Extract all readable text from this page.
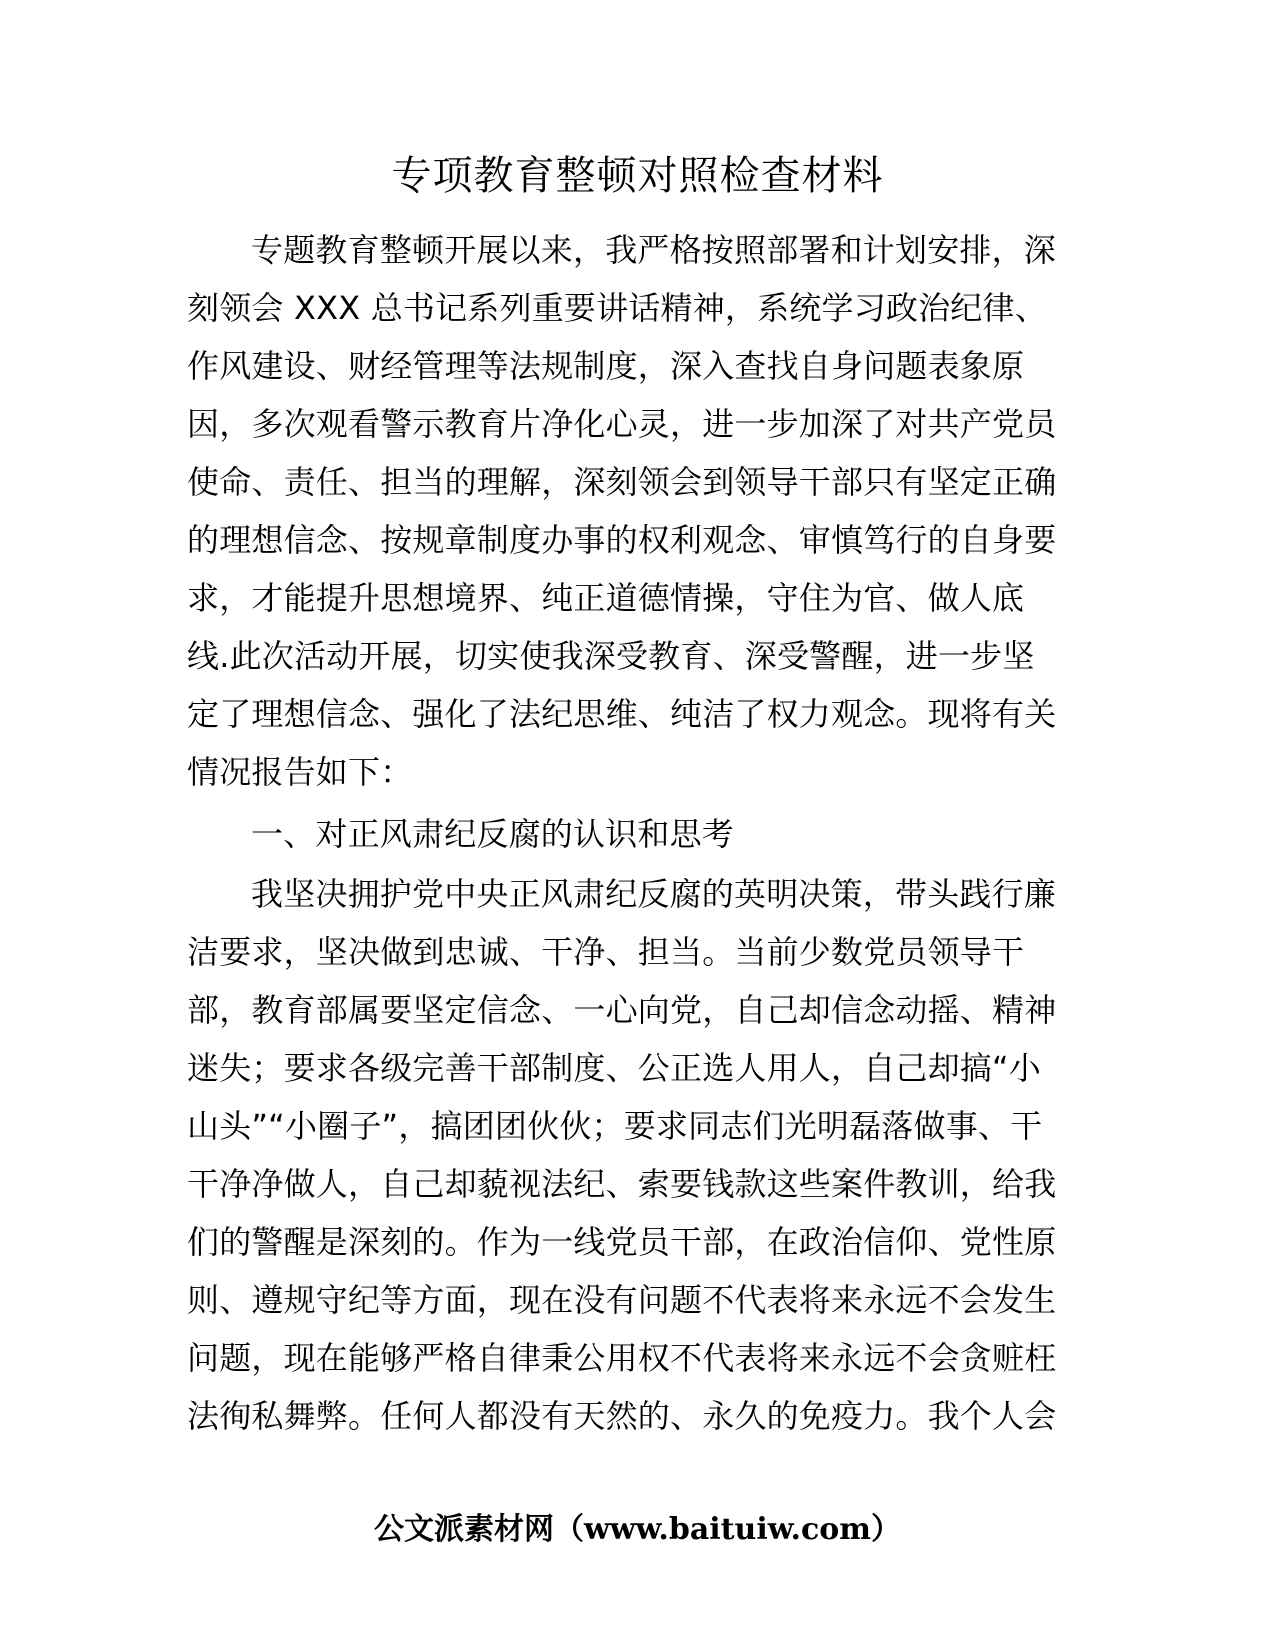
专项教育整顿对照检查材料
专题教育整顿开展以来，我严格按照部署和计划安排，深
刻领会 XXX 总书记系列重要讲话精神，系统学习政治纪律、
作风建设、财经管理等法规制度，深入查找自身问题表象原
因，多次观看警示教育片净化心灵，进一步加深了对共产党员
使命、责任、担当的理解，深刻领会到领导干部只有坚定正确
的理想信念、按规章制度办事的权利观念、审慎笃行的自身要
求，才能提升思想境界、纯正道德情操，守住为官、做人底
线.此次活动开展，切实使我深受教育、深受警醒，进一步坚
定了理想信念、强化了法纪思维、纯洁了权力观念。现将有关
情况报告如下：
一、对正风肃纪反腐的认识和思考
我坚决拥护党中央正风肃纪反腐的英明决策，带头践行廉
洁要求，坚决做到忠诚、干净、担当。当前少数党员领导干
部，教育部属要坚定信念、一心向党，自己却信念动摇、精神
迷失；要求各级完善干部制度、公正选人用人，自己却搞“小
山头”“小圈子”，搞团团伙伙；要求同志们光明磊落做事、干
干净净做人，自己却藐视法纪、索要钱款这些案件教训，给我
们的警醒是深刻的。作为一线党员干部，在政治信仰、党性原
则、遵规守纪等方面，现在没有问题不代表将来永远不会发生
问题，现在能够严格自律秉公用权不代表将来永远不会贪赃枉
法徇私舞弊。任何人都没有天然的、永久的免疫力。我个人会
公文派素材网（www.baituiw.com）
